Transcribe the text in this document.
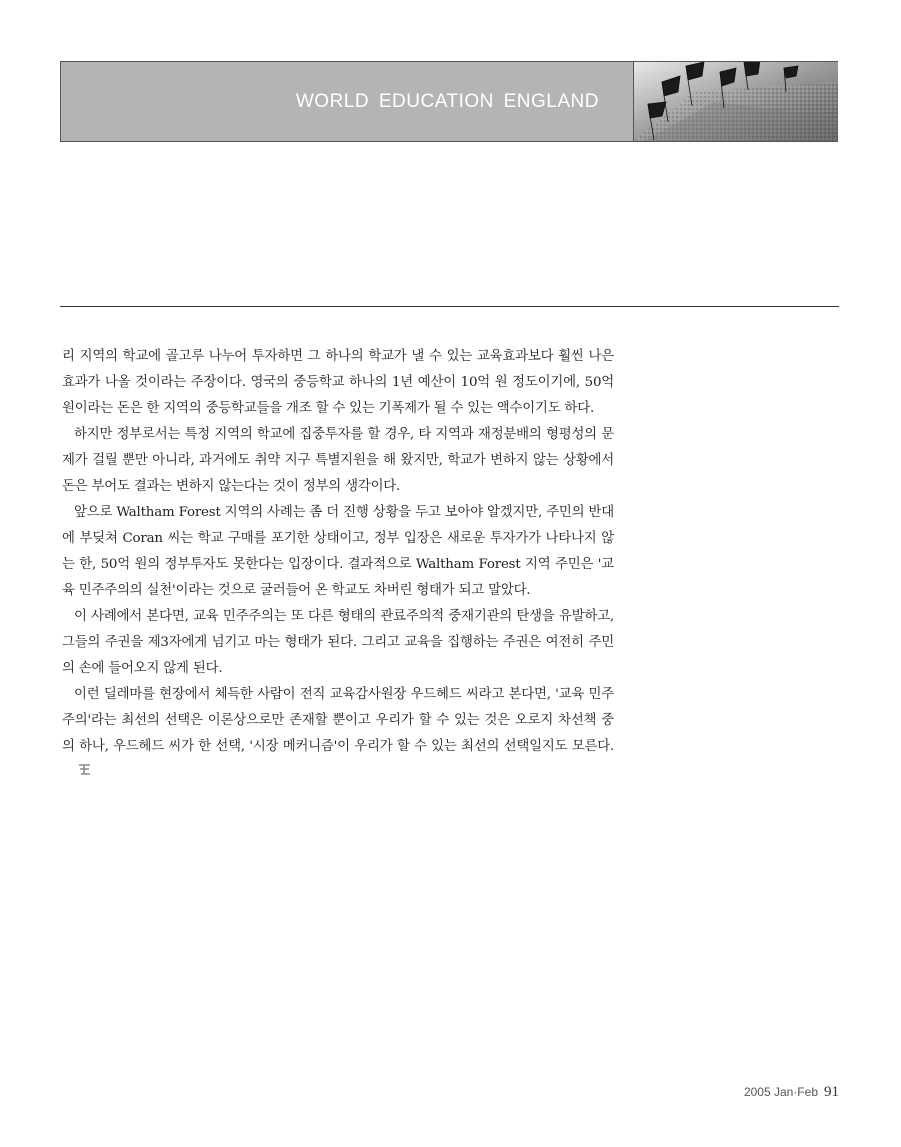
WORLD EDUCATION ENGLAND

리 지역의 학교에 골고루 나누어 투자하면 그 하나의 학교가 낼 수 있는 교육효과보다 훨씬 나은 효과가 나올 것이라는 주장이다. 영국의 중등학교 하나의 1년 예산이 10억 원 정도이기에, 50억 원이라는 돈은 한 지역의 중등학교들을 개조 할 수 있는 기폭제가 될 수 있는 액수이기도 하다.

하지만 정부로서는 특정 지역의 학교에 집중투자를 할 경우, 타 지역과 재정분배의 형평성의 문제가 걸릴 뿐만 아니라, 과거에도 취약 지구 특별지원을 해 왔지만, 학교가 변하지 않는 상황에서 돈은 부어도 결과는 변하지 않는다는 것이 정부의 생각이다.

앞으로 Waltham Forest 지역의 사례는 좀 더 진행 상황을 두고 보아야 알겠지만, 주민의 반대에 부딪쳐 Coran 씨는 학교 구매를 포기한 상태이고, 정부 입장은 새로운 투자가가 나타나지 않는 한, 50억 원의 정부투자도 못한다는 입장이다. 결과적으로 Waltham Forest 지역 주민은 '교육 민주주의의 실천'이라는 것으로 굴러들어 온 학교도 차버린 형태가 되고 말았다.

이 사례에서 본다면, 교육 민주주의는 또 다른 형태의 관료주의적 중재기관의 탄생을 유발하고, 그들의 주권을 제3자에게 넘기고 마는 형태가 된다. 그리고 교육을 집행하는 주권은 여전히 주민의 손에 들어오지 않게 된다.

이런 딜레마를 현장에서 체득한 사람이 전직 교육감사원장 우드헤드 씨라고 본다면, '교육 민주주의'라는 최선의 선택은 이론상으로만 존재할 뿐이고 우리가 할 수 있는 것은 오로지 차선책 중의 하나, 우드헤드 씨가 한 선택, '시장 메커니즘'이 우리가 할 수 있는 최선의 선택일지도 모른다.

2005 Jan·Feb 91
